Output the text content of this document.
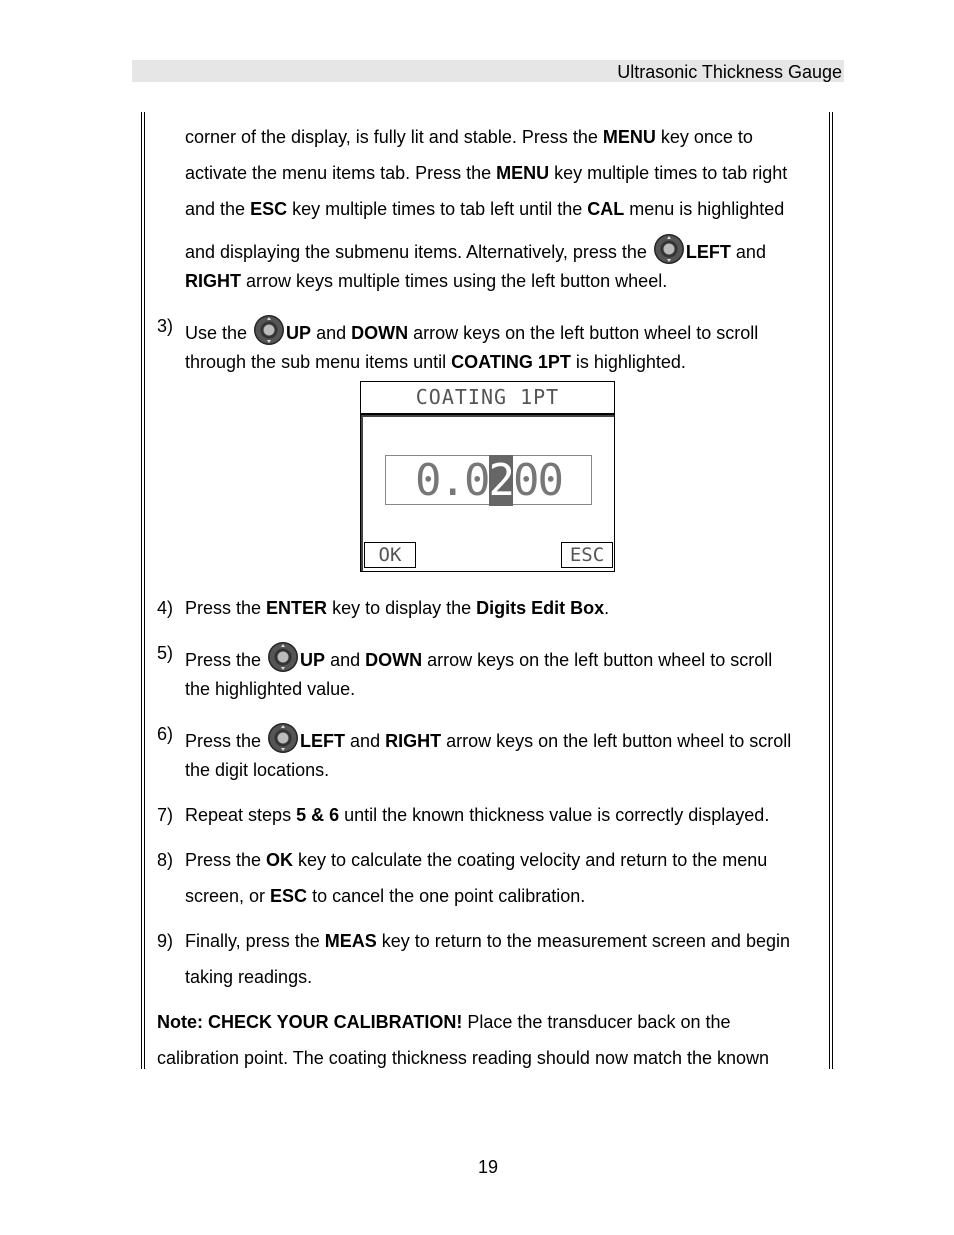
Ultrasonic Thickness Gauge
corner of the display, is fully lit and stable. Press the MENU key once to
activate the menu items tab. Press the MENU key multiple times to tab right
and the ESC key multiple times to tab left until the CAL menu is highlighted
and displaying the submenu items. Alternatively, press the LEFT and
RIGHT arrow keys multiple times using the left button wheel.
3) Use the UP and DOWN arrow keys on the left button wheel to scroll
through the sub menu items until COATING 1PT is highlighted.
COATING 1PT
0.0 2 00
OK	ESC
4) Press the ENTER key to display the Digits Edit Box.
5) Press the UP and DOWN arrow keys on the left button wheel to scroll
the highlighted value.
6) Press the LEFT and RIGHT arrow keys on the left button wheel to scroll
the digit locations.
7) Repeat steps 5 & 6 until the known thickness value is correctly displayed.
8) Press the OK key to calculate the coating velocity and return to the menu
screen, or ESC to cancel the one point calibration.
9) Finally, press the MEAS key to return to the measurement screen and begin
taking readings.
Note: CHECK YOUR CALIBRATION! Place the transducer back on the
calibration point. The coating thickness reading should now match the known
19
